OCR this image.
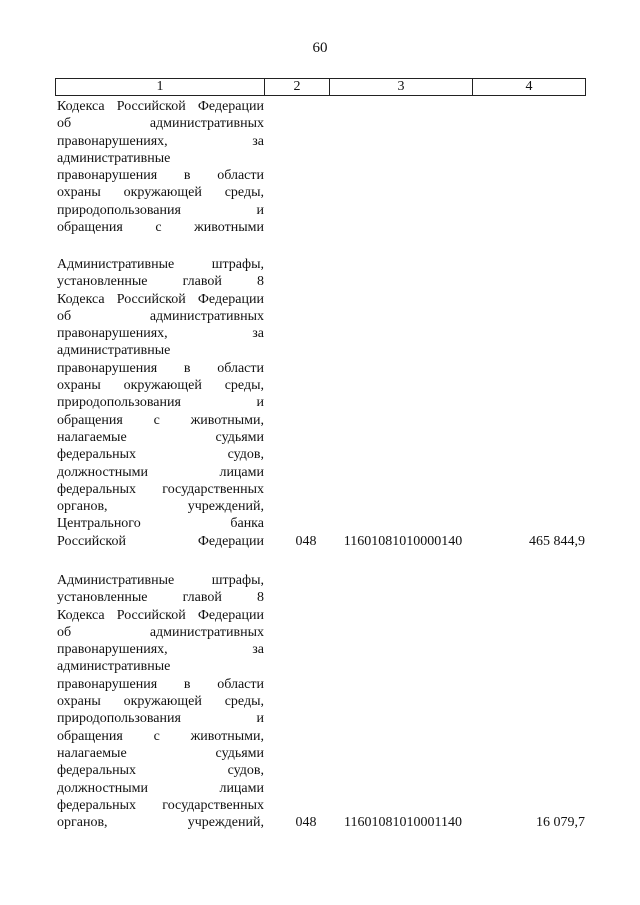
60
1	2	3	4
Кодекса Российской Федерации
об административных
правонарушениях, за
административные
правонарушения в области
охраны окружающей среды,
природопользования и
обращения с животными
Административные штрафы,
установленные главой 8
Кодекса Российской Федерации
об административных
правонарушениях, за
административные
правонарушения в области
охраны окружающей среды,
природопользования и
обращения с животными,
налагаемые судьями
федеральных судов,
должностными лицами
федеральных государственных
органов, учреждений,
Центрального банка
Российской Федерации	048	11601081010000140	465 844,9
Административные штрафы,
установленные главой 8
Кодекса Российской Федерации
об административных
правонарушениях, за
административные
правонарушения в области
охраны окружающей среды,
природопользования и
обращения с животными,
налагаемые судьями
федеральных судов,
должностными лицами
федеральных государственных
органов, учреждений,	048	11601081010001140	16 079,7
